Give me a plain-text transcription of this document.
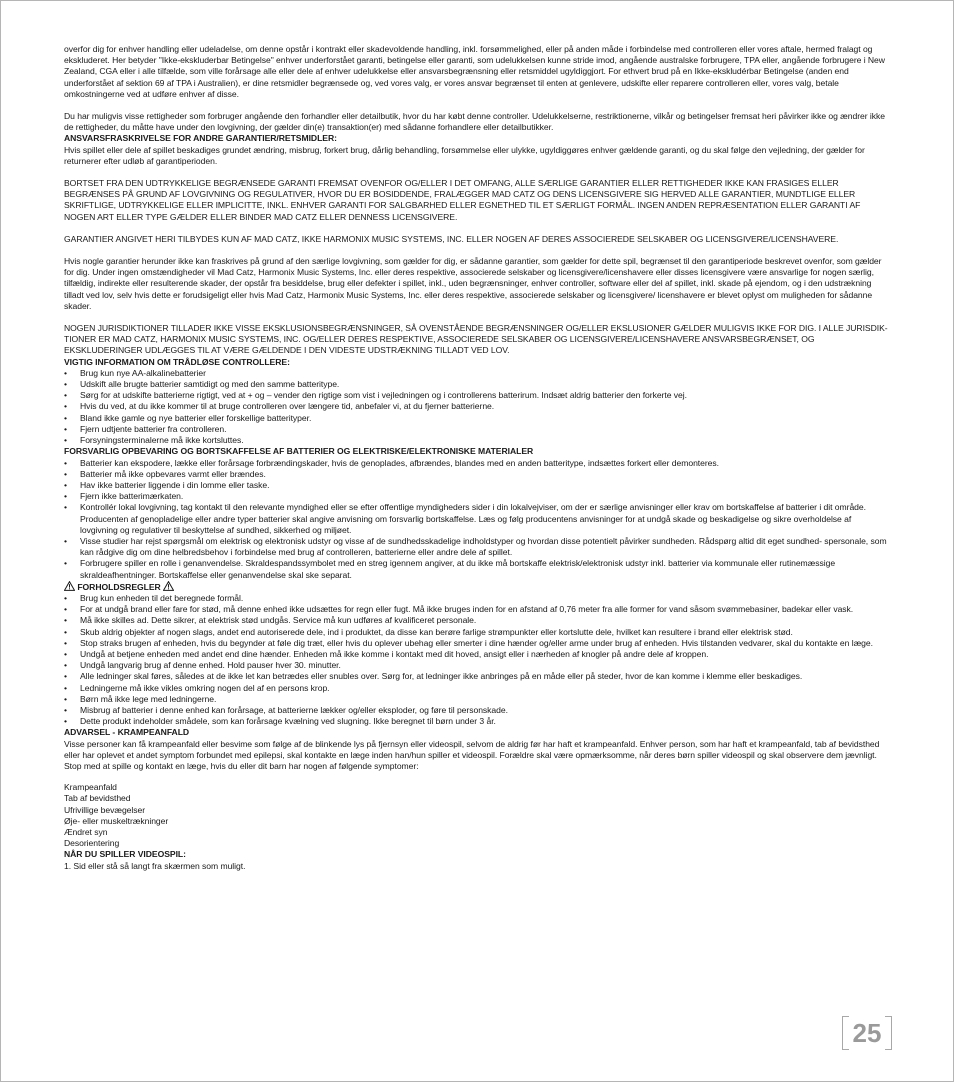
overfor dig for enhver handling eller udeladelse, om denne opstår i kontrakt eller skadevoldende handling, inkl. forsømmelighed, eller på anden måde i forbindelse med controlleren eller vores aftale, hermed fralagt og ekskluderet. Her betyder "Ikke-ekskluderbar Betingelse" enhver underforstået garanti, betingelse eller garanti, som udelukkelsen kunne stride imod, angående australske forbrugere, TPA eller, angående forbrugere i New Zealand, CGA eller i alle tilfælde, som ville forårsage alle eller dele af enhver udelukkelse eller ansvarsbegrænsning eller retsmiddel ugyldiggjort. For ethvert brud på en Ikke-ekskludérbar Betingelse (anden end underforstået af sektion 69 af TPA i Australien), er dine retsmidler begrænsede og, ved vores valg, er vores ansvar begrænset til enten at genlevere, udskifte eller reparere controlleren eller, vores valg, betale omkostningerne ved at udføre enhver af disse.

Du har muligvis visse rettigheder som forbruger angående den forhandler eller detailbutik, hvor du har købt denne controller. Udelukkelserne, restriktionerne, vilkår og betingelser fremsat heri påvirker ikke og ændrer ikke de rettigheder, du måtte have under den lovgivning, der gælder din(e) transaktion(er) med sådanne forhandlere eller detailbutikker.

ANSVARSFRASKRIVELSE FOR ANDRE GARANTIER/RETSMIDLER:

Hvis spillet eller dele af spillet beskadiges grundet ændring, misbrug, forkert brug, dårlig behandling, forsømmelse eller ulykke, ugyldiggøres enhver gældende garanti, og du skal følge den vejledning, der gælder for returnerer efter udløb af garantiperioden.

BORTSET FRA DEN UDTRYKKELIGE BEGRÆNSEDE GARANTI FREMSAT OVENFOR OG/ELLER I DET OMFANG, ALLE SÆRLIGE GARANTIER ELLER RETTIGHEDER IKKE KAN FRASIGES ELLER BEGRÆNSES PÅ GRUND AF LOVGIVNING OG REGULATIVER, HVOR DU ER BOSIDDENDE, FRALÆGGER MAD CATZ OG DENS LICENSGIVERE SIG HERVED ALLE GARANTIER, MUNDTLIGE ELLER SKRIFTLIGE, UDTRYKKELIGE ELLER IMPLICITTE, INKL. ENHVER GARANTI FOR SALGBARHED ELLER EGNETHED TIL ET SÆRLIGT FORMÅL. INGEN ANDEN REPRÆSENTATION ELLER GARANTI AF NOGEN ART ELLER TYPE GÆLDER ELLER BINDER MAD CATZ ELLER DENNESS LICENSGIVERE.

GARANTIER ANGIVET HERI TILBYDES KUN AF MAD CATZ, IKKE HARMONIX MUSIC SYSTEMS, INC. ELLER NOGEN AF DERES ASSOCIEREDE SELSKABER OG LICENSGIVERE/LICENSHAVERE.

Hvis nogle garantier herunder ikke kan fraskrives på grund af den særlige lovgivning, som gælder for dig, er sådanne garantier, som gælder for dette spil, begrænset til den garantiperiode beskrevet ovenfor, som gælder for dig. Under ingen omstændigheder vil Mad Catz, Harmonix Music Systems, Inc. eller deres respektive, associerede selskaber og licensgivere/licenshavere eller disses licensgivere være ansvarlige for nogen særlig, tilfældig, indirekte eller resulterende skader, der opstår fra besiddelse, brug eller defekter i spillet, inkl., uden begrænsninger, enhver controller, software eller del af spillet, inkl. skade på ejendom, og i den udstrækning tilladt ved lov, selv hvis dette er forudsigeligt eller hvis Mad Catz, Harmonix Music Systems, Inc. eller deres respektive, associerede selskaber og licensgivere/ licenshavere er blevet oplyst om muligheden for sådanne skader.

NOGEN JURISDIKTIONER TILLADER IKKE VISSE EKSKLUSIONSBEGRÆNSNINGER, SÅ OVENSTÅENDE BEGRÆNSNINGER OG/ELLER EKSLUSIONER GÆLDER MULIGVIS IKKE FOR DIG. I ALLE JURISDIK- TIONER ER MAD CATZ, HARMONIX MUSIC SYSTEMS, INC. OG/ELLER DERES RESPEKTIVE, ASSOCIEREDE SELSKABER OG LICENSGIVERE/LICENSHAVERE ANSVARSBEGRÆNSET, OG EKSKLUDERINGER UDLÆGGES TIL AT VÆRE GÆLDENDE I DEN VIDESTE UDSTRÆKNING TILLADT VED LOV.

VIGTIG INFORMATION OM TRÅDLØSE CONTROLLERE:

• Brug kun nye AA-alkalinebatterier
• Udskift alle brugte batterier samtidigt og med den samme batteritype.
• Sørg for at udskifte batterierne rigtigt, ved at + og – vender den rigtige som vist i vejledningen og i controllerens batterirum. Indsæt aldrig batterier den forkerte vej.
• Hvis du ved, at du ikke kommer til at bruge controlleren over længere tid, anbefaler vi, at du fjerner batterierne.
• Bland ikke gamle og nye batterier eller forskellige batterityper.
• Fjern udtjente batterier fra controlleren.
• Forsyningsterminalerne må ikke kortsluttes.

FORSVARLIG OPBEVARING OG BORTSKAFFELSE AF BATTERIER OG ELEKTRISKE/ELEKTRONISKE MATERIALER

• Batterier kan ekspodere, lække eller forårsage forbrændingskader, hvis de genoplades, afbrændes, blandes med en anden batteritype, indsættes forkert eller demonteres.
• Batterier må ikke opbevares varmt eller brændes.
• Hav ikke batterier liggende i din lomme eller taske.
• Fjern ikke batterimærkaten.
• Kontrollér lokal lovgivning, tag kontakt til den relevante myndighed eller se efter offentlige myndigheders sider i din lokalvejviser, om der er særlige anvisninger eller krav om bortskaffelse af batterier i dit område. Producenten af genopladelige eller andre typer batterier skal angive anvisning om forsvarlig bortskaffelse. Læs og følg producentens anvisninger for at undgå skade og beskadigelse og sikre overholdelse af lovgivning og regulativer til beskyttelse af sundhed, sikkerhed og miljøet.
• Visse studier har rejst spørgsmål om elektrisk og elektronisk udstyr og visse af de sundhedsskadelige indholdstyper og hvordan disse potentielt påvirker sundheden. Rådspørg altid dit eget sundhed- spersonale, som kan rådgive dig om dine helbredsbehov i forbindelse med brug af controlleren, batterierne eller andre dele af spillet.
• Forbrugere spiller en rolle i genanvendelse. Skraldespandssymbolet med en streg igennem angiver, at du ikke må bortskaffe elektrisk/elektronisk udstyr inkl. batterier via kommunale eller rutinemæssige skraldeafhentninger. Bortskaffelse eller genanvendelse skal ske separat.

FORHOLDSREGLER

• Brug kun enheden til det beregnede formål.
• For at undgå brand eller fare for stød, må denne enhed ikke udsættes for regn eller fugt. Må ikke bruges inden for en afstand af 0,76 meter fra alle former for vand såsom svømmebasiner, badekar eller vask.
• Må ikke skilles ad. Dette sikrer, at elektrisk stød undgås. Service må kun udføres af kvalificeret personale.
• Skub aldrig objekter af nogen slags, andet end autoriserede dele, ind i produktet, da disse kan berøre farlige strømpunkter eller kortslutte dele, hvilket kan resultere i brand eller elektrisk stød.
• Stop straks brugen af enheden, hvis du begynder at føle dig træt, eller hvis du oplever ubehag eller smerter i dine hænder og/eller arme under brug af enheden. Hvis tilstanden vedvarer, skal du kontakte en læge.
• Undgå at betjene enheden med andet end dine hænder. Enheden må ikke komme i kontakt med dit hoved, ansigt eller i nærheden af knogler på andre dele af kroppen.
• Undgå langvarig brug af denne enhed. Hold pauser hver 30. minutter.
• Alle ledninger skal føres, således at de ikke let kan betrædes eller snubles over. Sørg for, at ledninger ikke anbringes på en måde eller på steder, hvor de kan komme i klemme eller beskadiges.
• Ledningerne må ikke vikles omkring nogen del af en persons krop.
• Børn må ikke lege med ledningerne.
• Misbrug af batterier i denne enhed kan forårsage, at batterierne lækker og/eller eksploder, og føre til personskade.
• Dette produkt indeholder smådele, som kan forårsage kvælning ved slugning. Ikke beregnet til børn under 3 år.

ADVARSEL - KRAMPEANFALD

Visse personer kan få krampeanfald eller besvime som følge af de blinkende lys på fjernsyn eller videospil, selvom de aldrig før har haft et krampeanfald. Enhver person, som har haft et krampeanfald, tab af bevidsthed eller har oplevet et andet symptom forbundet med epilepsi, skal kontakte en læge inden han/hun spiller et videospil. Forældre skal være opmærksomme, når deres børn spiller videospil og skal observere dem jævnligt. Stop med at spille og kontakt en læge, hvis du eller dit barn har nogen af følgende symptomer:

Krampeanfald
Tab af bevidsthed
Ufrivillige bevægelser
Øje- eller muskeltrækninger
Ændret syn
Desorientering

NÅR DU SPILLER VIDEOSPIL:

1. Sid eller stå så langt fra skærmen som muligt.

25
